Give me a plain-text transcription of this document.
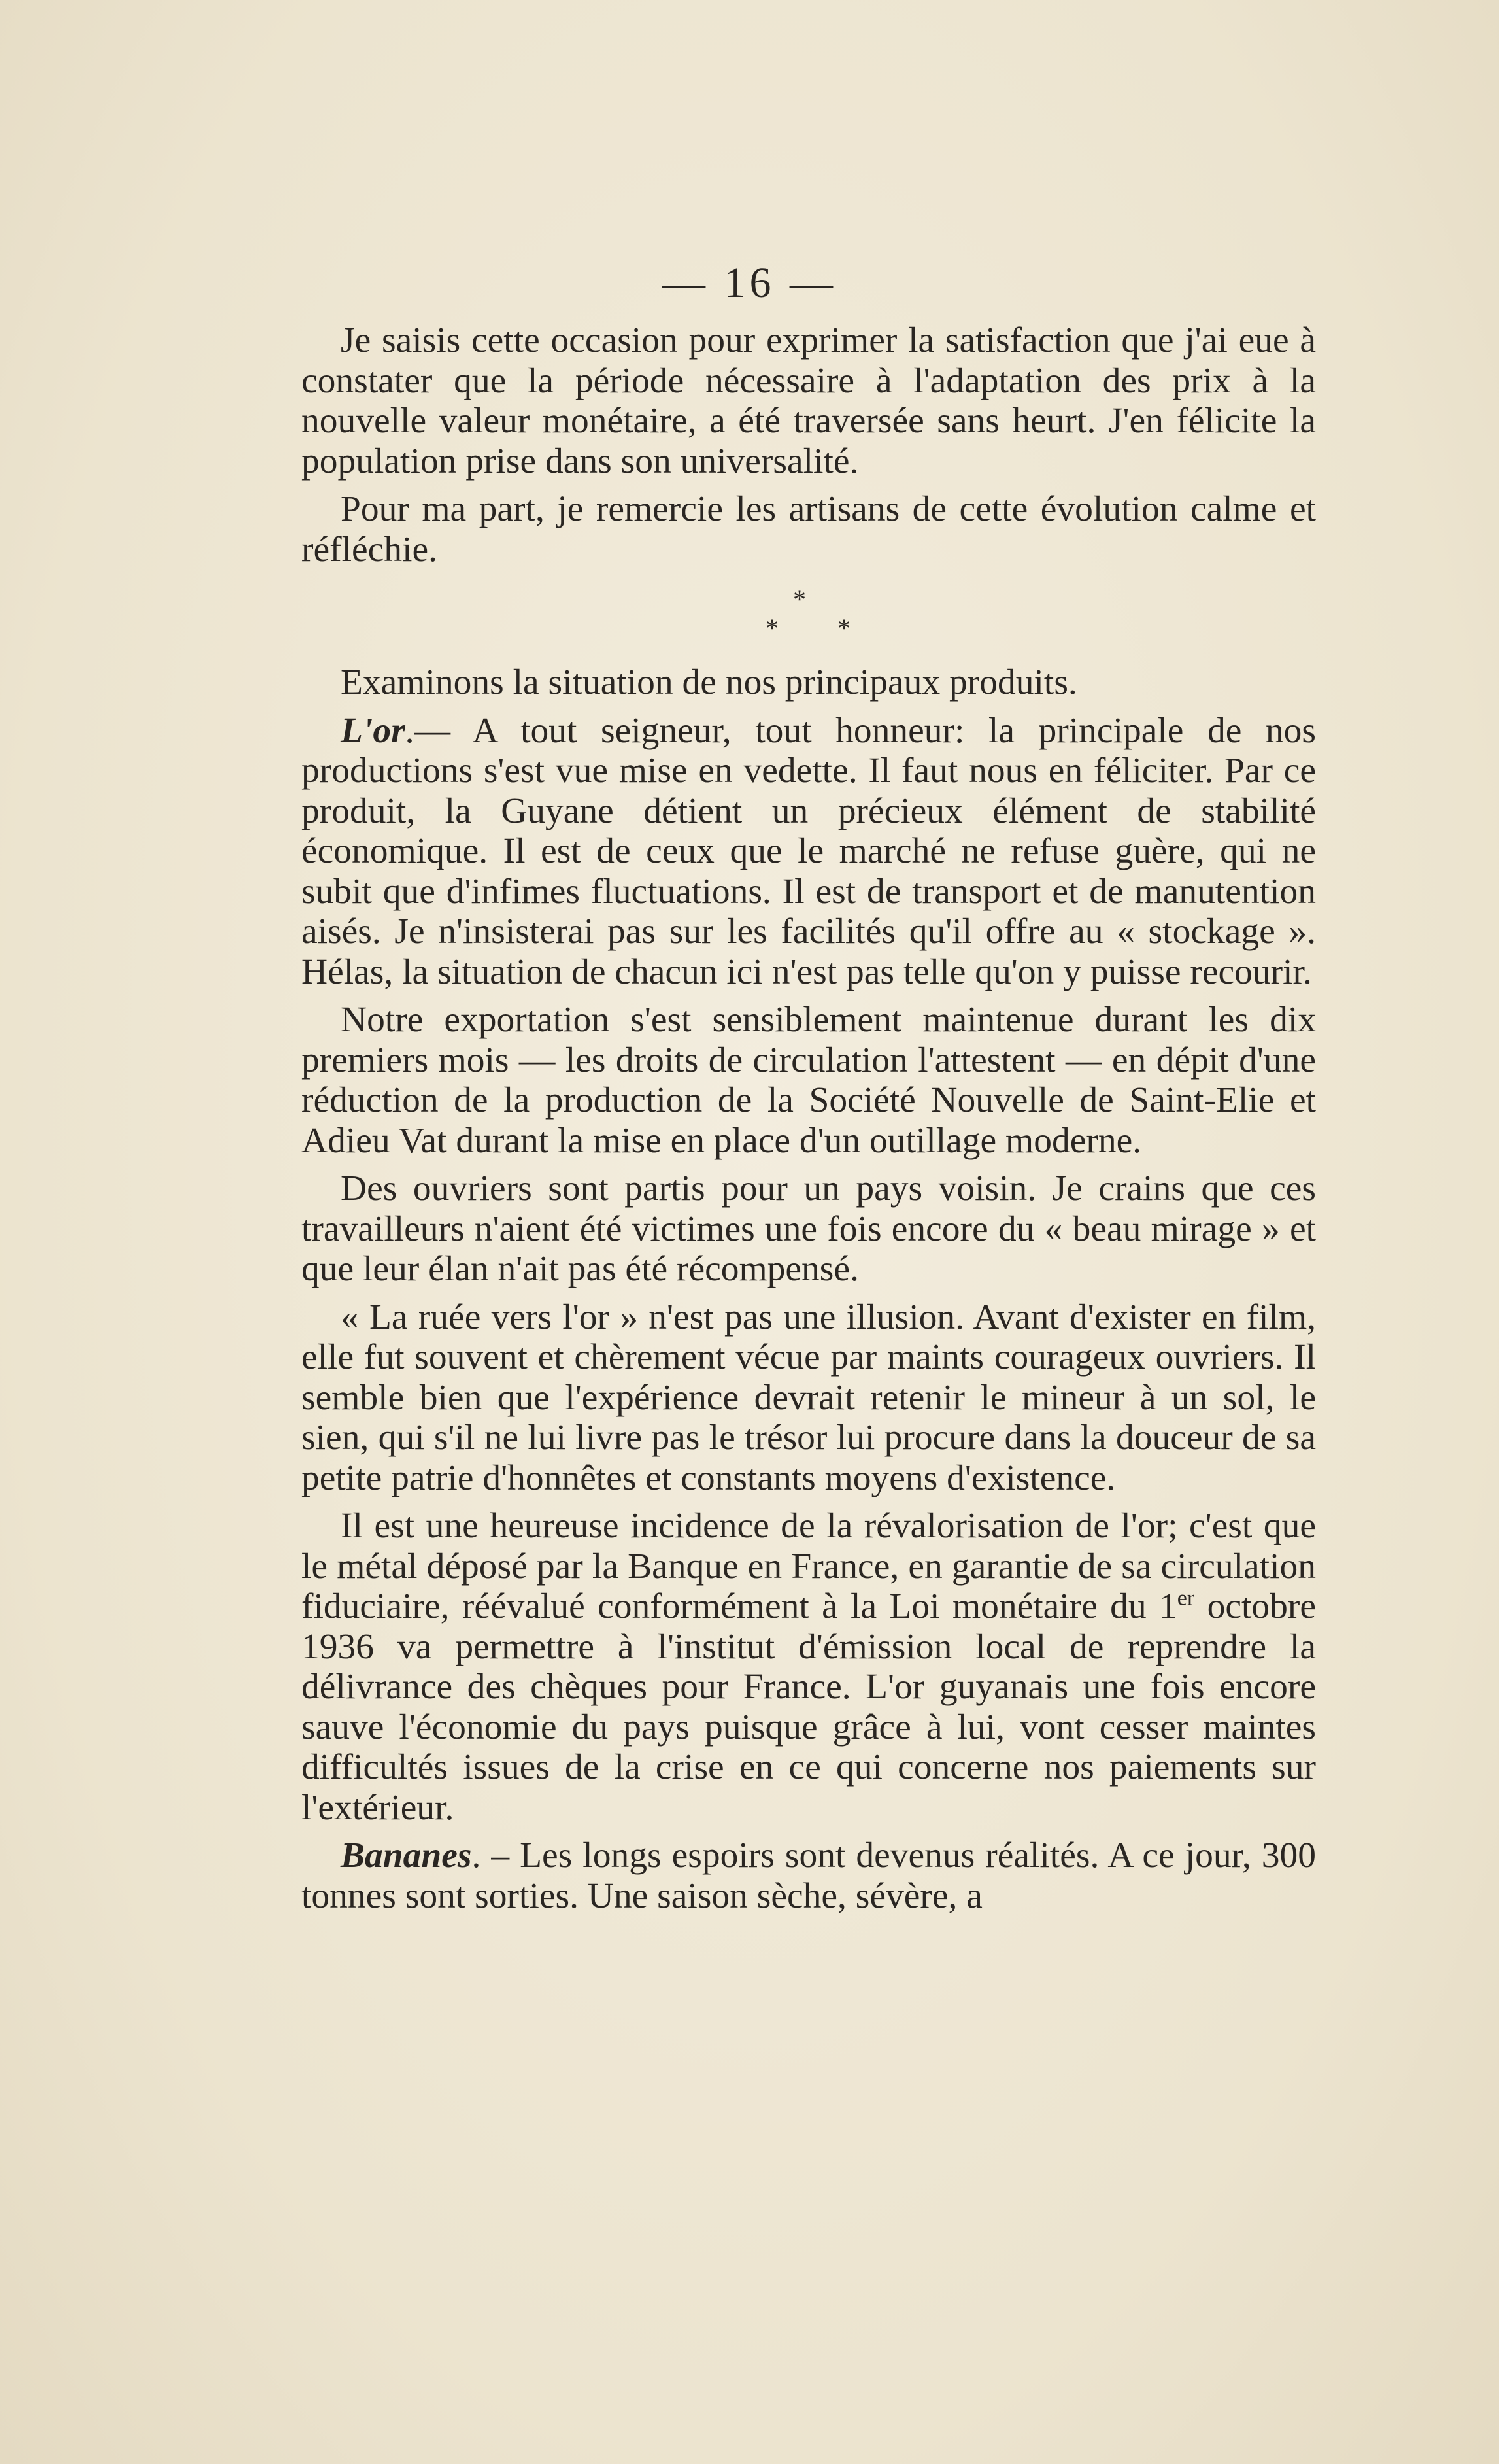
— 16 —

Je saisis cette occasion pour exprimer la satisfaction que j'ai eue à constater que la période nécessaire à l'adaptation des prix à la nouvelle valeur monétaire, a été traversée sans heurt. J'en félicite la population prise dans son universalité.

Pour ma part, je remercie les artisans de cette évolution calme et réfléchie.

*
* *

Examinons la situation de nos principaux produits.

L'or.— A tout seigneur, tout honneur: la principale de nos productions s'est vue mise en vedette. Il faut nous en féliciter. Par ce produit, la Guyane détient un précieux élément de stabilité économique. Il est de ceux que le marché ne refuse guère, qui ne subit que d'infimes fluctuations. Il est de transport et de manutention aisés. Je n'insisterai pas sur les facilités qu'il offre au « stockage ». Hélas, la situation de chacun ici n'est pas telle qu'on y puisse recourir.

Notre exportation s'est sensiblement maintenue durant les dix premiers mois — les droits de circulation l'attestent — en dépit d'une réduction de la production de la Société Nouvelle de Saint-Elie et Adieu Vat durant la mise en place d'un outillage moderne.

Des ouvriers sont partis pour un pays voisin. Je crains que ces travailleurs n'aient été victimes une fois encore du « beau mirage » et que leur élan n'ait pas été récompensé.

« La ruée vers l'or » n'est pas une illusion. Avant d'exister en film, elle fut souvent et chèrement vécue par maints courageux ouvriers. Il semble bien que l'expérience devrait retenir le mineur à un sol, le sien, qui s'il ne lui livre pas le trésor lui procure dans la douceur de sa petite patrie d'honnêtes et constants moyens d'existence.

Il est une heureuse incidence de la révalorisation de l'or; c'est que le métal déposé par la Banque en France, en garantie de sa circulation fiduciaire, réévalué conformément à la Loi monétaire du 1er octobre 1936 va permettre à l'institut d'émission local de reprendre la délivrance des chèques pour France. L'or guyanais une fois encore sauve l'économie du pays puisque grâce à lui, vont cesser maintes difficultés issues de la crise en ce qui concerne nos paiements sur l'extérieur.

Bananes. – Les longs espoirs sont devenus réalités. A ce jour, 300 tonnes sont sorties. Une saison sèche, sévère, a
